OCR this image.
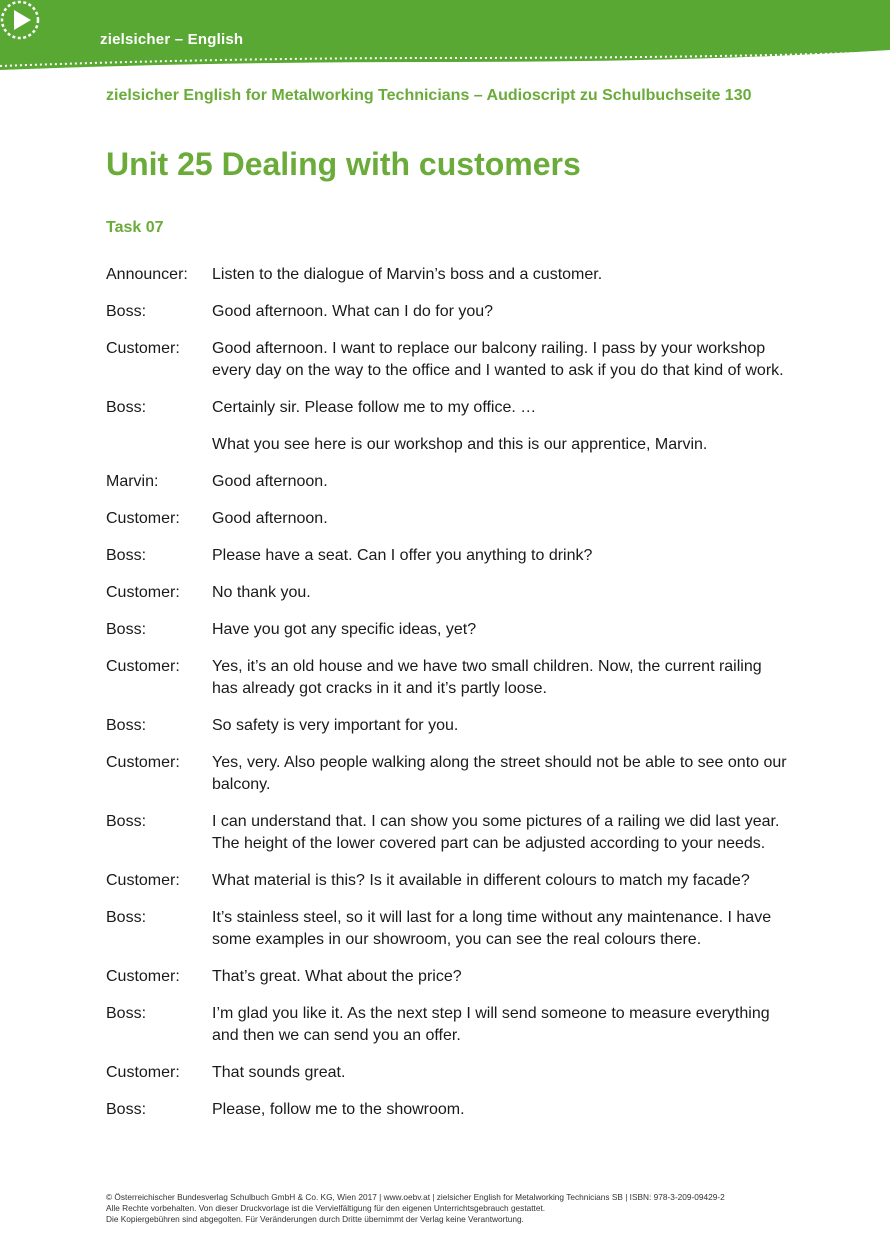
zielsicher – English
zielsicher English for Metalworking Technicians – Audioscript zu Schulbuchseite 130
Unit 25 Dealing with customers
Task 07
Announcer:	Listen to the dialogue of Marvin’s boss and a customer.
Boss:	Good afternoon. What can I do for you?
Customer:	Good afternoon. I want to replace our balcony railing. I pass by your workshop every day on the way to the office and I wanted to ask if you do that kind of work.
Boss:	Certainly sir. Please follow me to my office. …
What you see here is our workshop and this is our apprentice, Marvin.
Marvin:	Good afternoon.
Customer:	Good afternoon.
Boss:	Please have a seat. Can I offer you anything to drink?
Customer:	No thank you.
Boss:	Have you got any specific ideas, yet?
Customer:	Yes, it’s an old house and we have two small children. Now, the current railing has already got cracks in it and it’s partly loose.
Boss:	So safety is very important for you.
Customer:	Yes, very. Also people walking along the street should not be able to see onto our balcony.
Boss:	I can understand that. I can show you some pictures of a railing we did last year. The height of the lower covered part can be adjusted according to your needs.
Customer:	What material is this? Is it available in different colours to match my facade?
Boss:	It’s stainless steel, so it will last for a long time without any maintenance. I have some examples in our showroom, you can see the real colours there.
Customer:	That’s great. What about the price?
Boss:	I’m glad you like it. As the next step I will send someone to measure everything and then we can send you an offer.
Customer:	That sounds great.
Boss:	Please, follow me to the showroom.
© Österreichischer Bundesverlag Schulbuch GmbH & Co. KG, Wien 2017 | www.oebv.at | zielsicher English for Metalworking Technicians SB | ISBN: 978-3-209-09429-2
Alle Rechte vorbehalten. Von dieser Druckvorlage ist die Vervielfältigung für den eigenen Unterrichtsgebrauch gestattet.
Die Kopiergebühren sind abgegolten. Für Veränderungen durch Dritte übernimmt der Verlag keine Verantwortung.
